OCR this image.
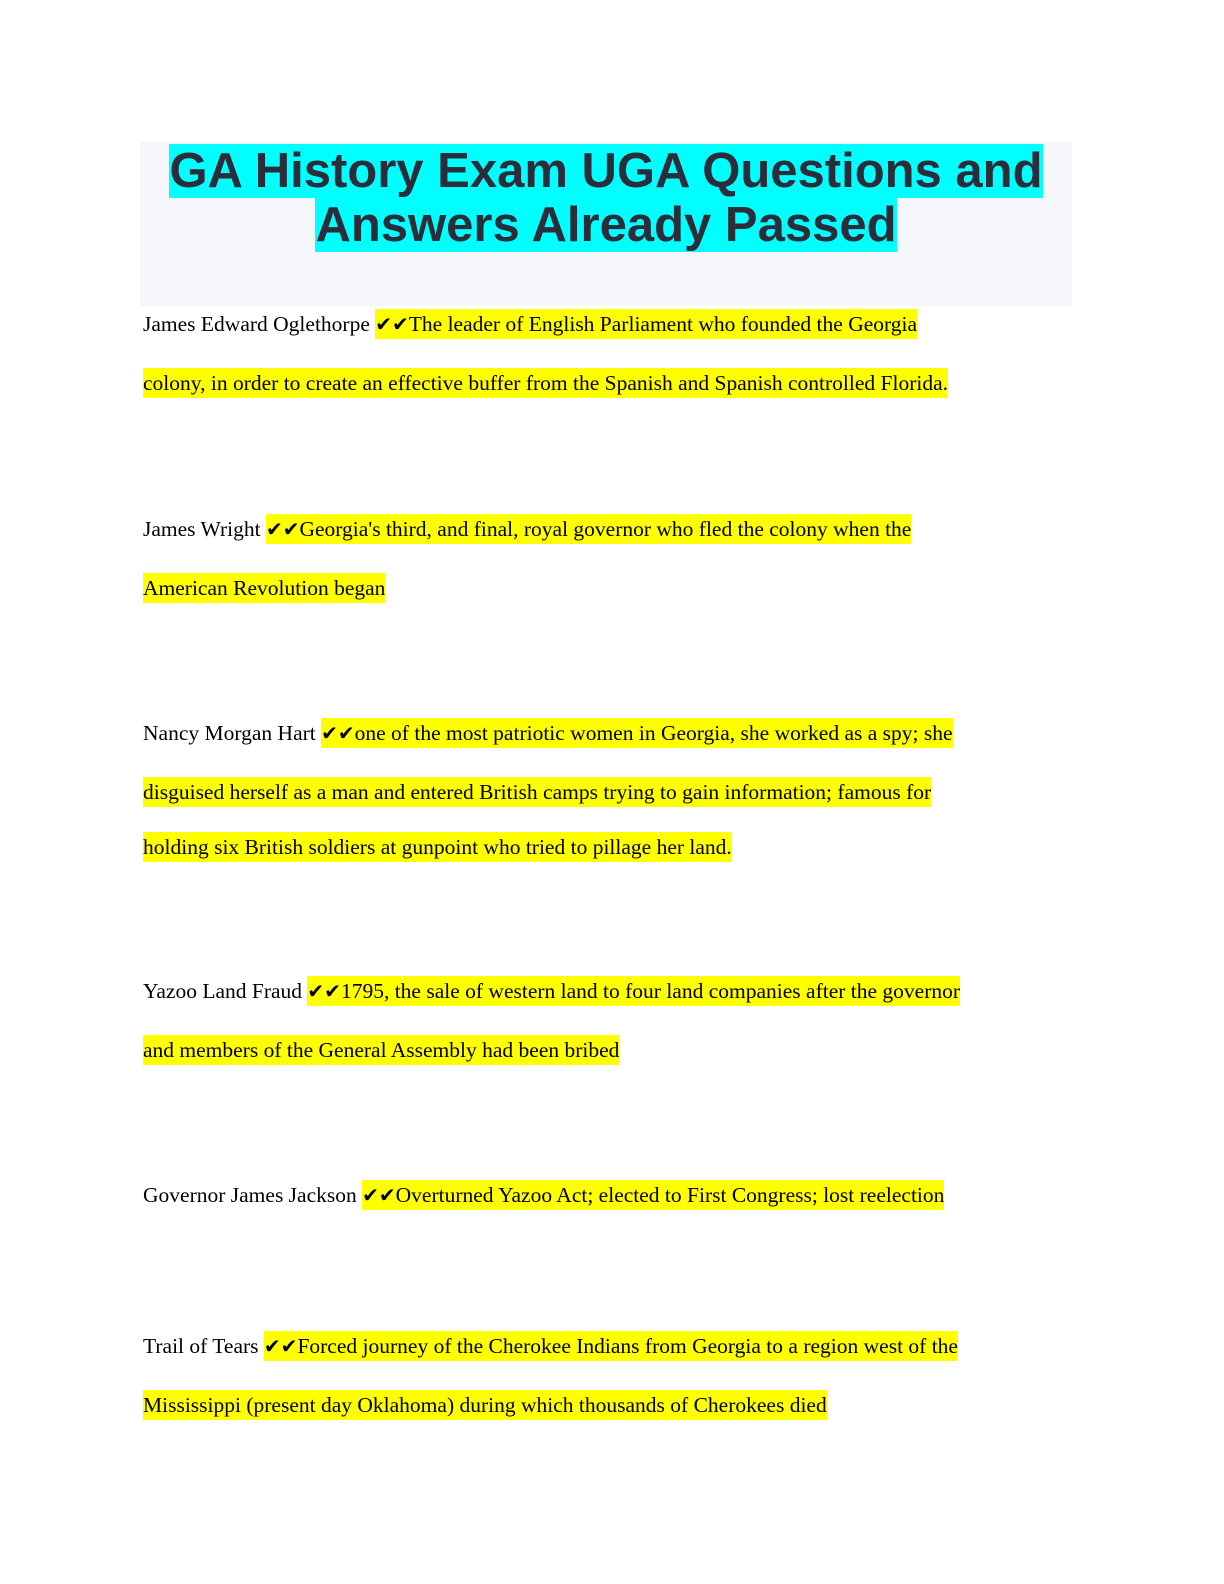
GA History Exam UGA Questions and
Answers Already Passed
James Edward Oglethorpe ✔✔The leader of English Parliament who founded the Georgia
colony, in order to create an effective buffer from the Spanish and Spanish controlled Florida.
James Wright ✔✔Georgia's third, and final, royal governor who fled the colony when the
American Revolution began
Nancy Morgan Hart ✔✔one of the most patriotic women in Georgia, she worked as a spy; she
disguised herself as a man and entered British camps trying to gain information; famous for
holding six British soldiers at gunpoint who tried to pillage her land.
Yazoo Land Fraud ✔✔1795, the sale of western land to four land companies after the governor
and members of the General Assembly had been bribed
Governor James Jackson ✔✔Overturned Yazoo Act; elected to First Congress; lost reelection
Trail of Tears ✔✔Forced journey of the Cherokee Indians from Georgia to a region west of the
Mississippi (present day Oklahoma) during which thousands of Cherokees died
